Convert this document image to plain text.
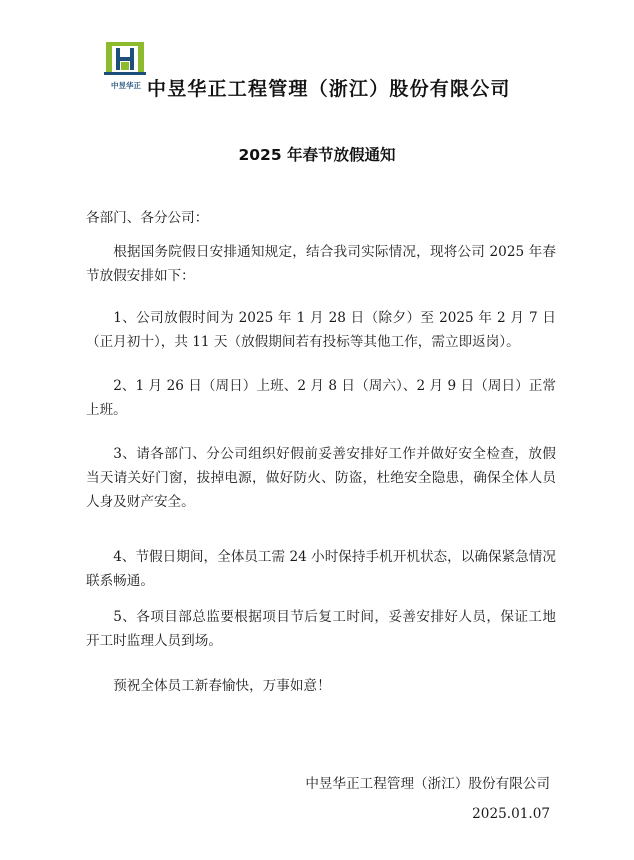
中昱华正 中昱华正工程管理（浙江）股份有限公司
2025 年春节放假通知
各部门、各分公司：
根据国务院假日安排通知规定，结合我司实际情况，现将公司 2025 年春节放假安排如下：
1、公司放假时间为 2025 年 1 月 28 日（除夕）至 2025 年 2 月 7 日（正月初十），共 11 天（放假期间若有投标等其他工作，需立即返岗）。
2、1 月 26 日（周日）上班、2 月 8 日（周六）、2 月 9 日（周日）正常上班。
3、请各部门、分公司组织好假前妥善安排好工作并做好安全检查，放假当天请关好门窗，拔掉电源，做好防火、防盗，杜绝安全隐患，确保全体人员人身及财产安全。
4、节假日期间，全体员工需 24 小时保持手机开机状态，以确保紧急情况联系畅通。
5、各项目部总监要根据项目节后复工时间，妥善安排好人员，保证工地开工时监理人员到场。
预祝全体员工新春愉快，万事如意！
中昱华正工程管理（浙江）股份有限公司
2025.01.07
